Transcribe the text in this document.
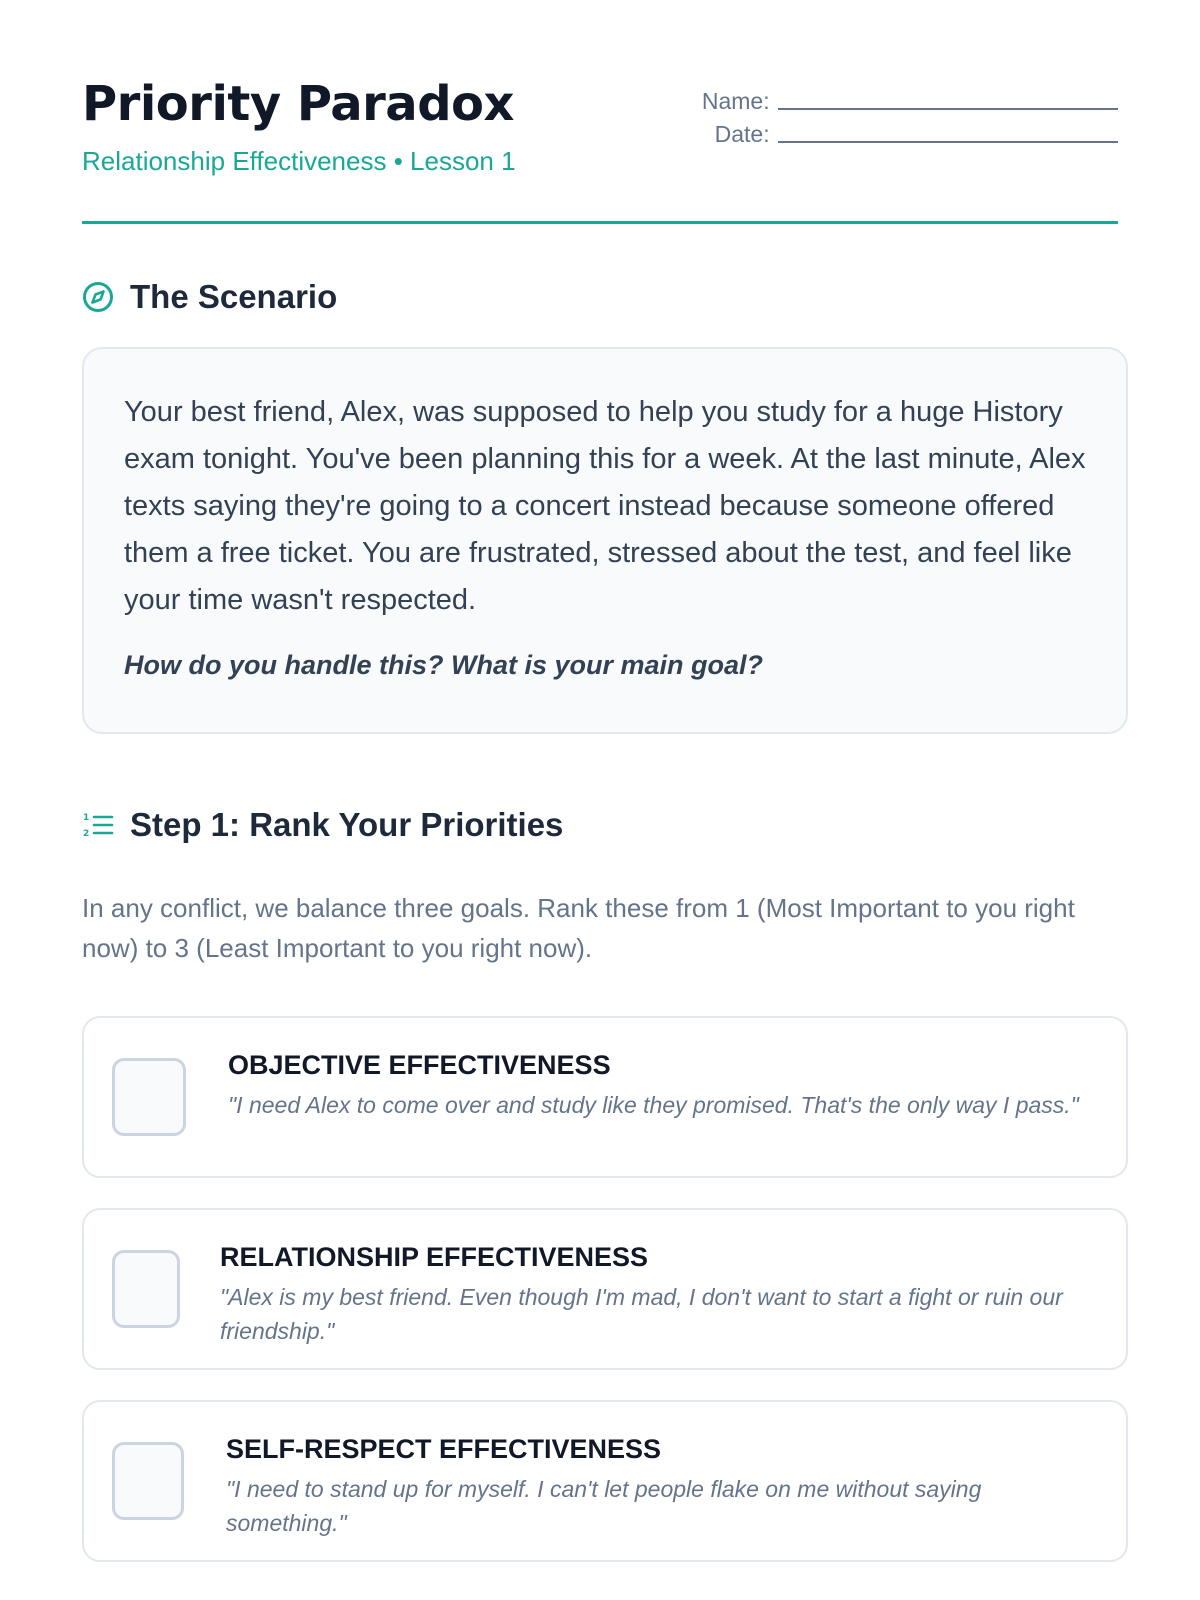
Priority Paradox
Relationship Effectiveness • Lesson 1
Name:
Date:
The Scenario

Your best friend, Alex, was supposed to help you study for a huge History exam tonight. You've been planning this for a week. At the last minute, Alex texts saying they're going to a concert instead because someone offered them a free ticket. You are frustrated, stressed about the test, and feel like your time wasn't respected.

How do you handle this? What is your main goal?

1
2 Step 1: Rank Your Priorities

In any conflict, we balance three goals. Rank these from 1 (Most Important to you right now) to 3 (Least Important to you right now).

OBJECTIVE EFFECTIVENESS
"I need Alex to come over and study like they promised. That's the only way I pass."
RELATIONSHIP EFFECTIVENESS
"Alex is my best friend. Even though I'm mad, I don't want to start a fight or ruin our friendship."
SELF-RESPECT EFFECTIVENESS
"I need to stand up for myself. I can't let people flake on me without saying something."
